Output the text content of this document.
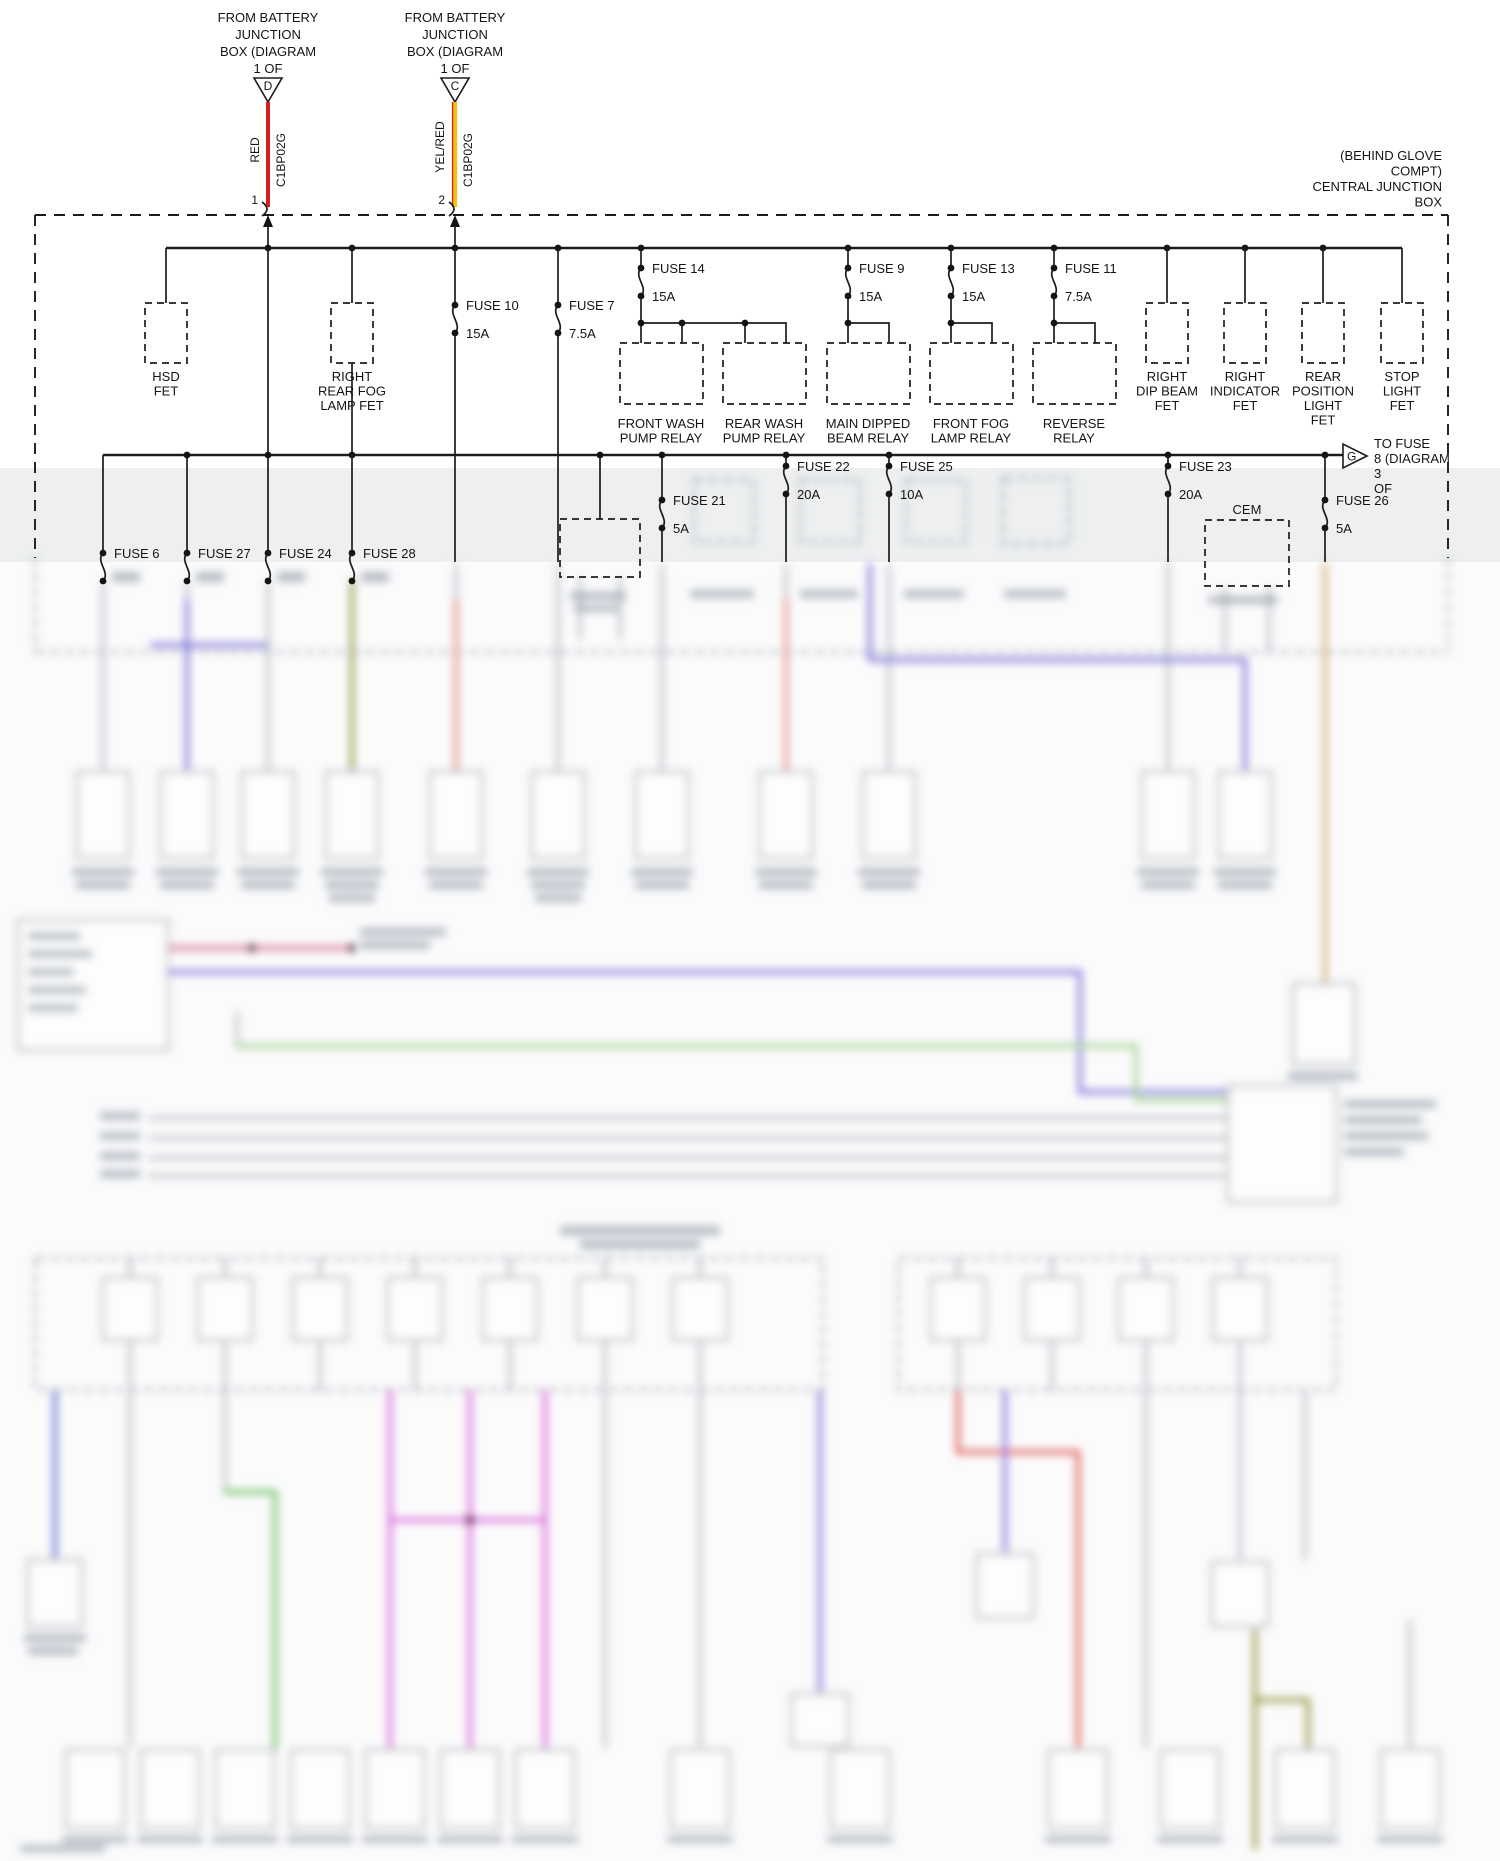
(BEHIND GLOVE
COMPT)
CENTRAL JUNCTION
BOX
FROM BATTERY
JUNCTION
BOX (DIAGRAM
1 OF
D
RED C1BP02G
1
FROM BATTERY
JUNCTION
BOX (DIAGRAM
1 OF
C
YEL/RED C1BP02G
2
HSD
FET
RIGHT
REAR FOG
LAMP FET
FUSE 10
15A
FUSE 7
7.5A
FUSE 14
15A
FRONT WASH
PUMP RELAY
REAR WASH
PUMP RELAY
FUSE 9
15A
MAIN DIPPED
BEAM RELAY
FUSE 13
15A
FRONT FOG
LAMP RELAY
FUSE 11
7.5A
REVERSE
RELAY
RIGHT
DIP BEAM
FET
RIGHT
INDICATOR
FET
REAR
POSITION
LIGHT
FET
STOP
LIGHT
FET
G
TO FUSE
8 (DIAGRAM
3
OF
FUSE 22
20A
FUSE 25
10A
FUSE 23
20A
FUSE 21
5A
FUSE 26
5A
CEM
FUSE 6	FUSE 27 FUSE 24 FUSE 28
